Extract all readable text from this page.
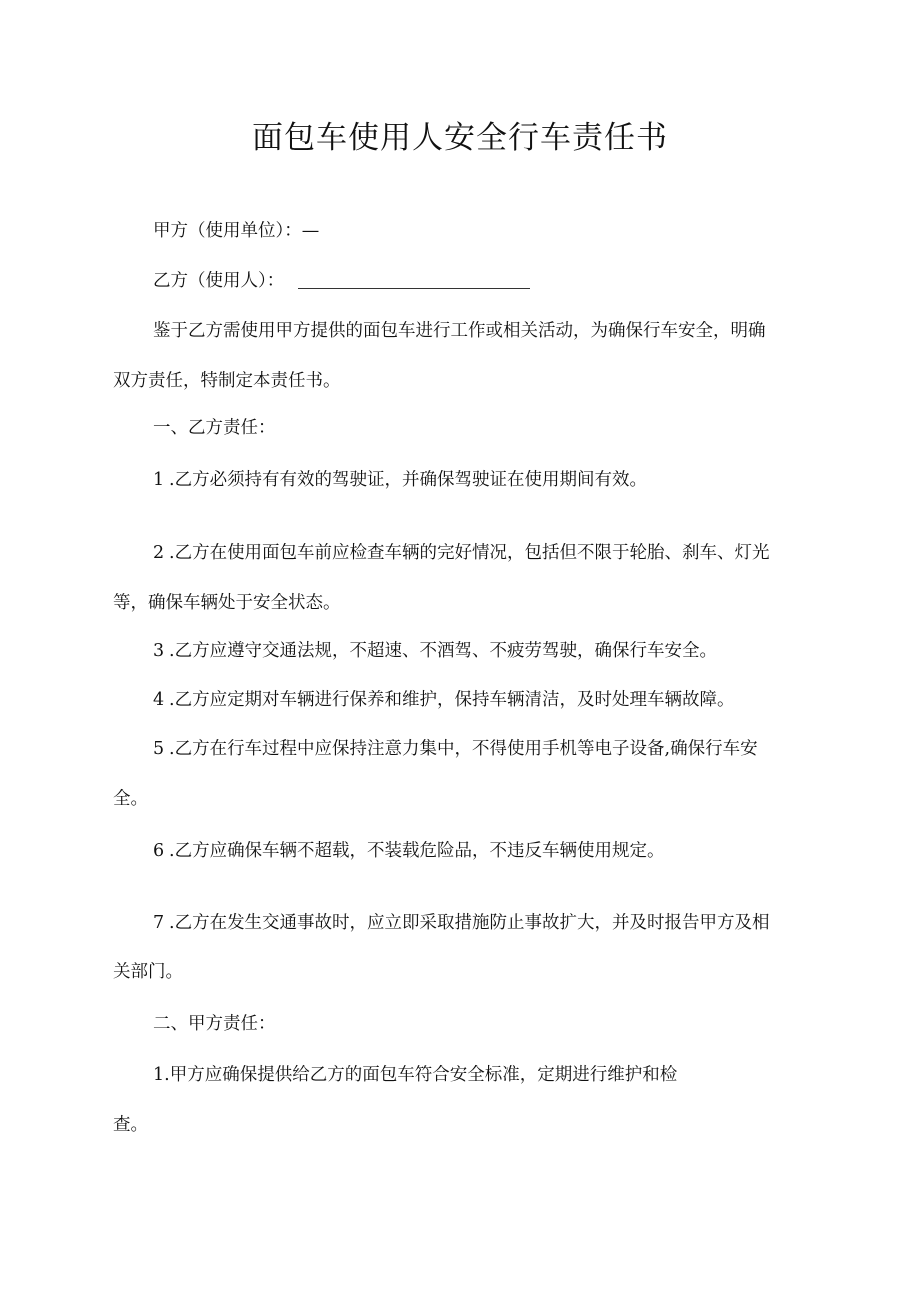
面包车使用人安全行车责任书
甲方（使用单位）：—
乙方（使用人）：
鉴于乙方需使用甲方提供的面包车进行工作或相关活动，为确保行车安全，明确
双方责任，特制定本责任书。
一、乙方责任：
1 .乙方必须持有有效的驾驶证，并确保驾驶证在使用期间有效。
2 .乙方在使用面包车前应检查车辆的完好情况，包括但不限于轮胎、刹车、灯光
等，确保车辆处于安全状态。
3 .乙方应遵守交通法规，不超速、不酒驾、不疲劳驾驶，确保行车安全。
4 .乙方应定期对车辆进行保养和维护，保持车辆清洁，及时处理车辆故障。
5 .乙方在行车过程中应保持注意力集中，不得使用手机等电子设备,确保行车安
全。
6 .乙方应确保车辆不超载，不装载危险品，不违反车辆使用规定。
7 .乙方在发生交通事故时，应立即采取措施防止事故扩大，并及时报告甲方及相
关部门。
二、甲方责任：
1.甲方应确保提供给乙方的面包车符合安全标准，定期进行维护和检
查。
